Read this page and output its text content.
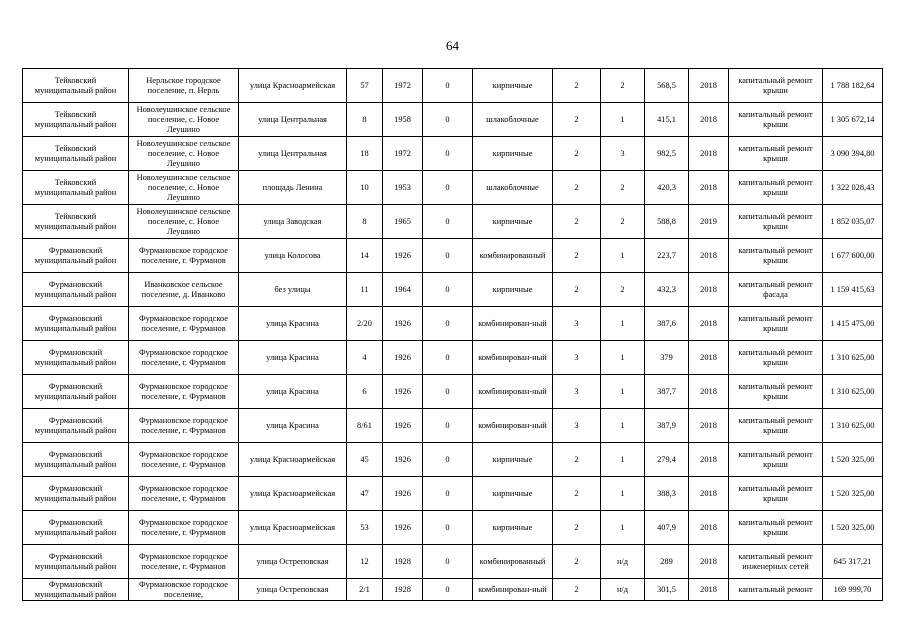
64
Тейковский муниципальный район	Нерльское городское поселение, п. Нерль	улица Красноармейская	57	1972	0	кирпичные	2	2	568,5	2018	капитальный ремонт крыши	1 788 182,64
Тейковский муниципальный район	Новолеушинское сельское поселение, с. Новое Леушино	улица Центральная	8	1958	0	шлакоблочные	2	1	415,1	2018	капитальный ремонт крыши	1 305 672,14
Тейковский муниципальный район	Новолеушинское сельское поселение, с. Новое Леушино	улица Центральная	18	1972	0	кирпичные	2	3	982,5	2018	капитальный ремонт крыши	3 090 394,80
Тейковский муниципальный район	Новолеушинское сельское поселение, с. Новое Леушино	площадь Ленина	10	1953	0	шлакоблочные	2	2	420,3	2018	капитальный ремонт крыши	1 322 028,43
Тейковский муниципальный район	Новолеушинское сельское поселение, с. Новое Леушино	улица Заводская	8	1965	0	кирпичные	2	2	588,8	2019	капитальный ремонт крыши	1 852 035,07
Фурмановский муниципальный район	Фурмановское городское поселение, г. Фурманов	улица Колосова	14	1926	0	комбинированный	2	1	223,7	2018	капитальный ремонт крыши	1 677 600,00
Фурмановский муниципальный район	Иванковское сельское поселение, д. Иванково	без улицы	11	1964	0	кирпичные	2	2	432,3	2018	капитальный ремонт фасада	1 159 415,63
Фурмановский муниципальный район	Фурмановское городское поселение, г. Фурманов	улица Красина	2/20	1926	0	комбинирован-ный	3	1	387,6	2018	капитальный ремонт крыши	1 415 475,00
Фурмановский муниципальный район	Фурмановское городское поселение, г. Фурманов	улица Красина	4	1926	0	комбинирован-ный	3	1	379	2018	капитальный ремонт крыши	1 310 625,00
Фурмановский муниципальный район	Фурмановское городское поселение, г. Фурманов	улица Красина	6	1926	0	комбинирован-ный	3	1	387,7	2018	капитальный ремонт крыши	1 310 625,00
Фурмановский муниципальный район	Фурмановское городское поселение, г. Фурманов	улица Красина	8/61	1926	0	комбинирован-ный	3	1	387,9	2018	капитальный ремонт крыши	1 310 625,00
Фурмановский муниципальный район	Фурмановское городское поселение, г. Фурманов	улица Красноармейская	45	1926	0	кирпичные	2	1	279,4	2018	капитальный ремонт крыши	1 520 325,00
Фурмановский муниципальный район	Фурмановское городское поселение, г. Фурманов	улица Красноармейская	47	1926	0	кирпичные	2	1	388,3	2018	капитальный ремонт крыши	1 520 325,00
Фурмановский муниципальный район	Фурмановское городское поселение, г. Фурманов	улица Красноармейская	53	1926	0	кирпичные	2	1	407,9	2018	капитальный ремонт крыши	1 520 325,00
Фурмановский муниципальный район	Фурмановское городское поселение, г. Фурманов	улица Остреповская	12	1928	0	комбинированный	2	н/д	289	2018	капитальный ремонт инженерных сетей	645 317,21
Фурмановский муниципальный район	Фурмановское городское поселение,	улица Остреповская	2/1	1928	0	комбинирован-ный	2	н/д	301,5	2018	капитальный ремонт	169 999,70
